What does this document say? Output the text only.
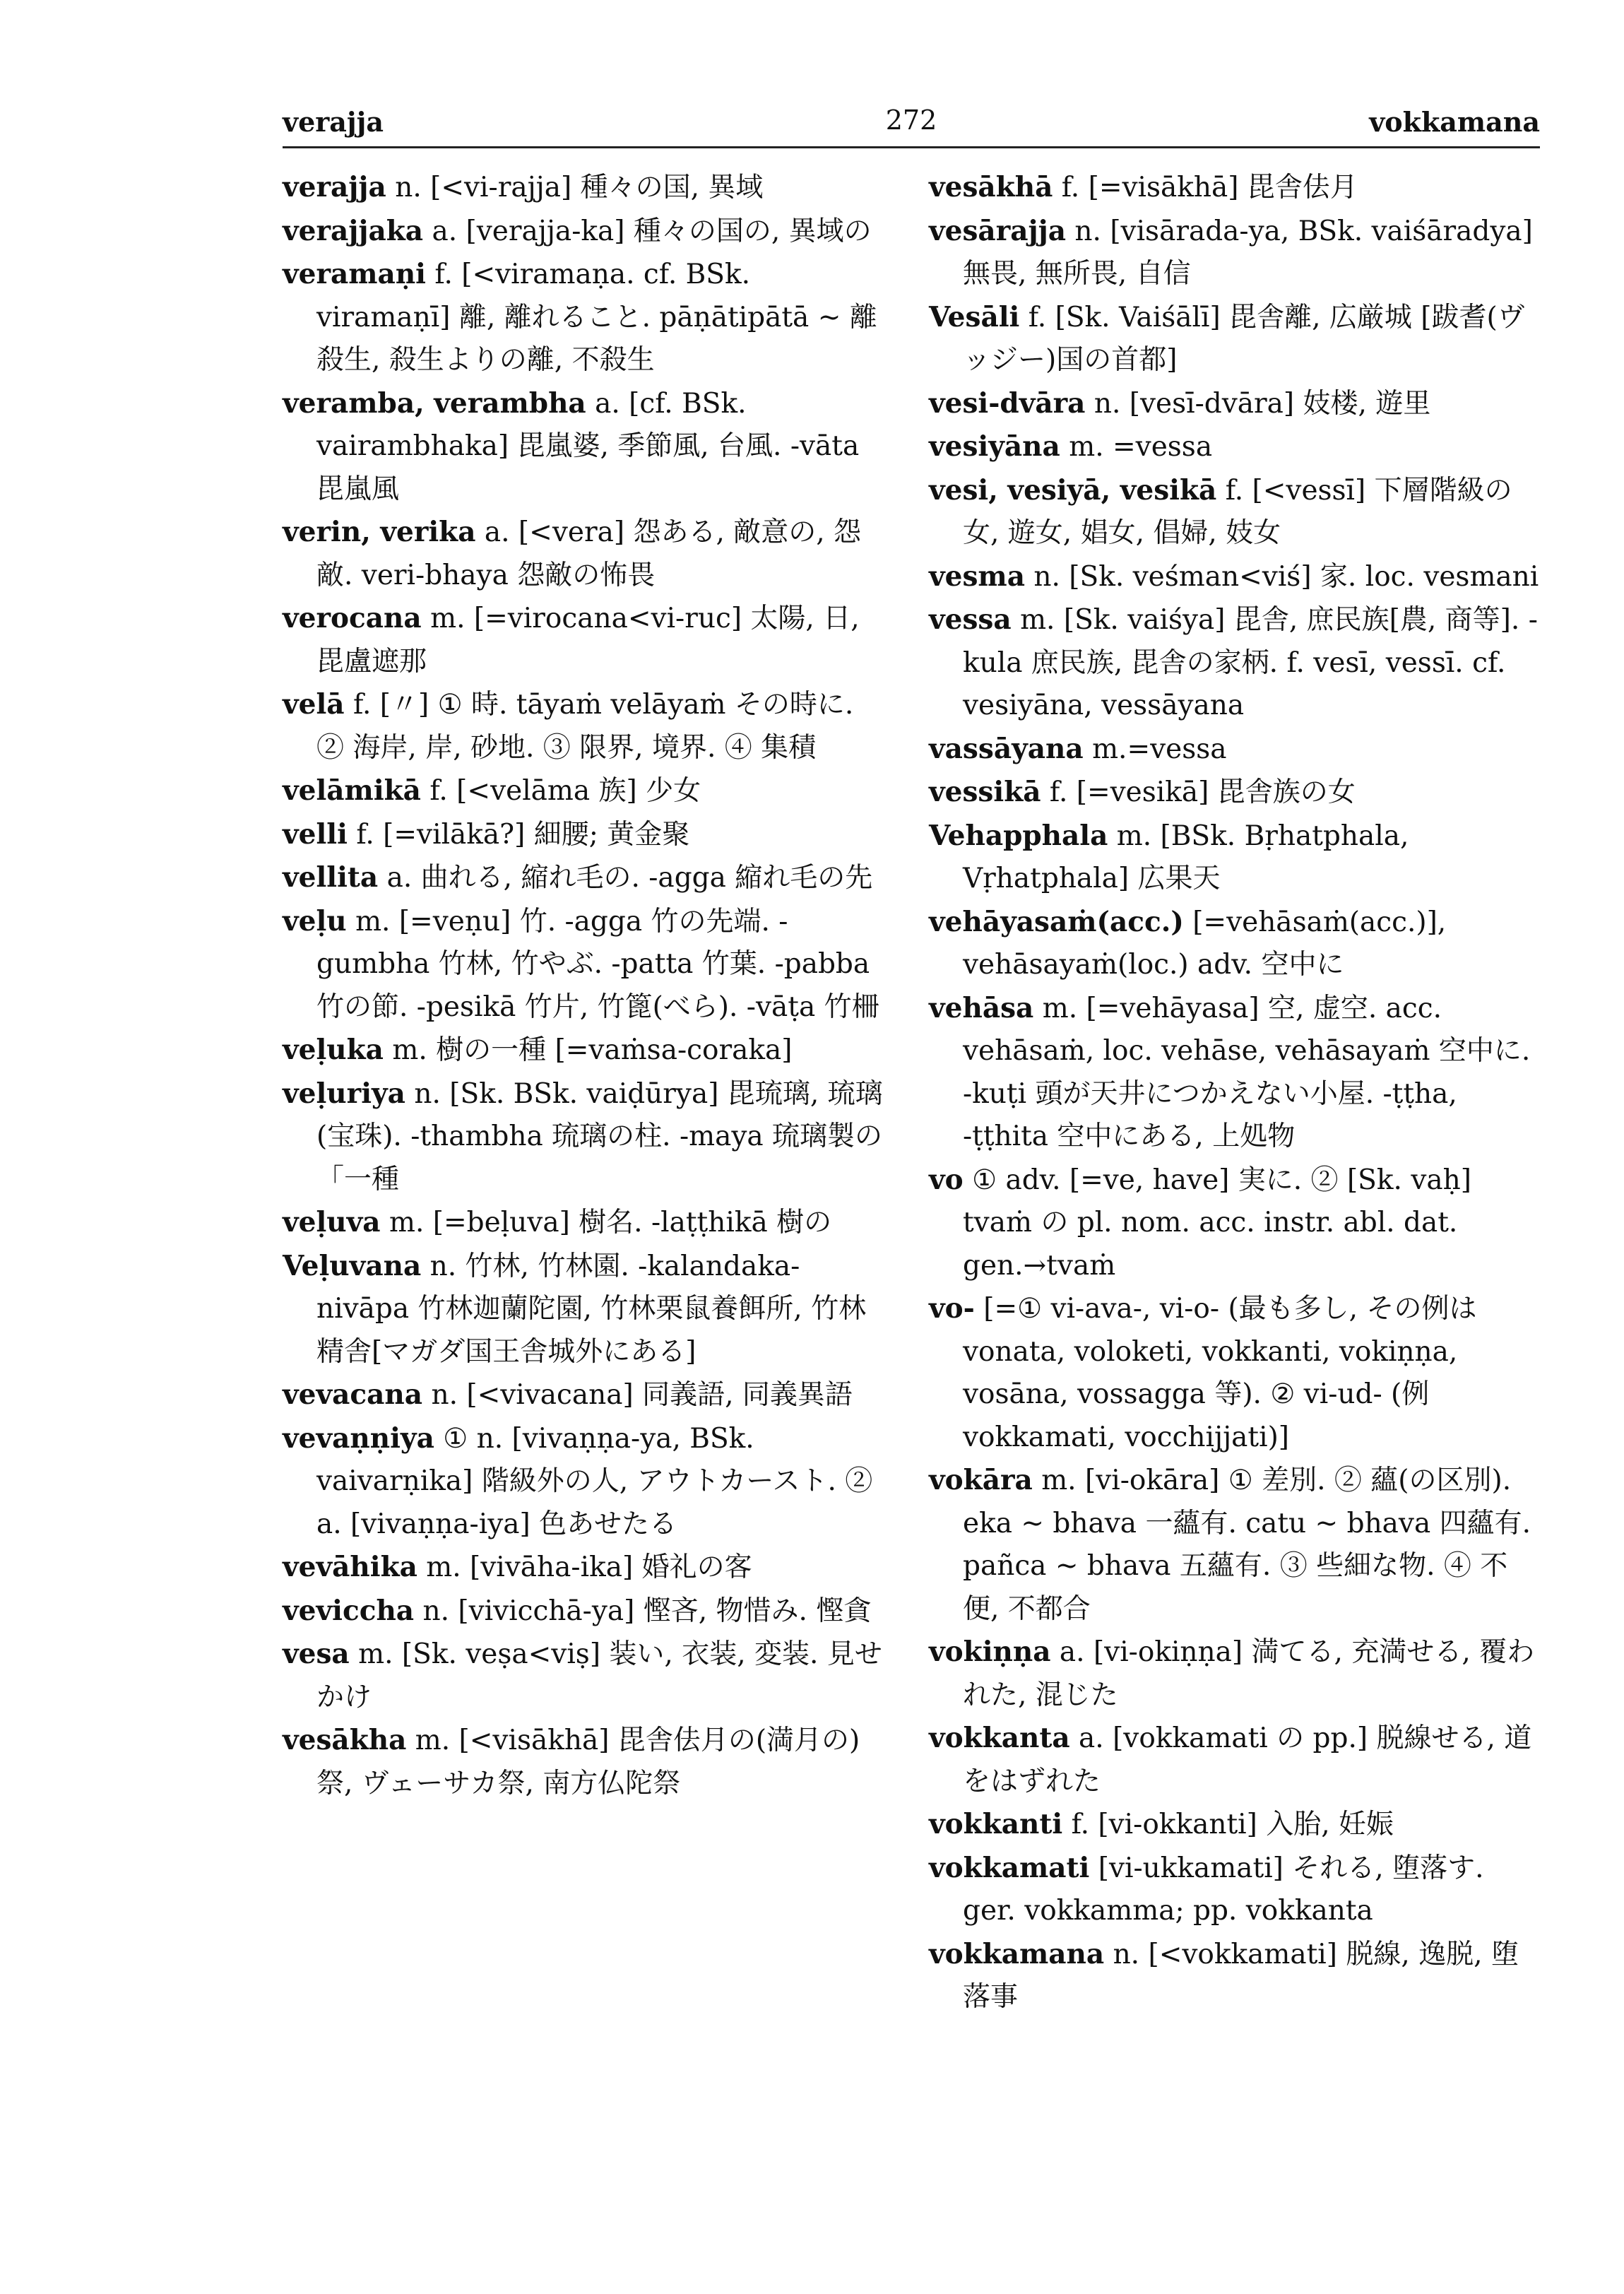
verajja	272	vokkamana
verajja n. [<vi-rajja] 種々の国, 異域
verajjaka a. [verajja-ka] 種々の国の, 異域の
veramaṇi f. [<viramaṇa. cf. BSk. viramaṇī] 離, 離れること. pāṇātipātā ~ 離殺生, 殺生よりの離, 不殺生
veramba, verambha a. [cf. BSk. vairambhaka] 毘嵐婆, 季節風, 台風. -vāta 毘嵐風
verin, verika a. [<vera] 怨ある, 敵意の, 怨敵. veri-bhaya 怨敵の怖畏
verocana m. [=virocana<vi-ruc] 太陽, 日, 毘盧遮那
velā f. [〃] ① 時. tāyaṁ velāyaṁ その時に. ② 海岸, 岸, 砂地. ③ 限界, 境界. ④ 集積
velāmikā f. [<velāma 族] 少女
velli f. [=vilākā?] 細腰; 黄金聚
vellita a. 曲れる, 縮れ毛の. -agga 縮れ毛の先
veḷu m. [=veṇu] 竹. -agga 竹の先端. -gumbha 竹林, 竹やぶ. -patta 竹葉. -pabba 竹の節. -pesikā 竹片, 竹篦(べら). -vāṭa 竹柵
veḷuka m. 樹の一種 [=vaṁsa-coraka]
veḷuriya n. [Sk. BSk. vaiḍūrya] 毘琉璃, 琉璃(宝珠). -thambha 琉璃の柱. -maya 琉璃製の 「一種
veḷuva m. [=beḷuva] 樹名. -laṭṭhikā 樹の
Veḷuvana n. 竹林, 竹林園. -kalandaka-nivāpa 竹林迦蘭陀園, 竹林栗鼠養餌所, 竹林精舎[マガダ国王舎城外にある]
vevacana n. [<vivacana] 同義語, 同義異語
vevaṇṇiya ① n. [vivaṇṇa-ya, BSk. vaivarṇika] 階級外の人, アウトカースト. ② a. [vivaṇṇa-iya] 色あせたる
vevāhika m. [vivāha-ika] 婚礼の客
veviccha n. [vivicchā-ya] 慳吝, 物惜み. 慳貪
vesa m. [Sk. veṣa<viṣ] 装い, 衣装, 変装. 見せかけ
vesākha m. [<visākhā] 毘舎佉月の(満月の)祭, ヴェーサカ祭, 南方仏陀祭
vesākhā f. [=visākhā] 毘舎佉月
vesārajja n. [visārada-ya, BSk. vaiśāradya] 無畏, 無所畏, 自信
Vesāli f. [Sk. Vaiśālī] 毘舎離, 広厳城 [跋耆(ヴッジー)国の首都]
vesi-dvāra n. [vesī-dvāra] 妓楼, 遊里
vesiyāna m. =vessa
vesi, vesiyā, vesikā f. [<vessī] 下層階級の女, 遊女, 娼女, 倡婦, 妓女
vesma n. [Sk. veśman<viś] 家. loc. vesmani
vessa m. [Sk. vaiśya] 毘舎, 庶民族[農, 商等]. -kula 庶民族, 毘舎の家柄. f. vesī, vessī. cf. vesiyāna, vessāyana
vassāyana m.=vessa
vessikā f. [=vesikā] 毘舎族の女
Vehapphala m. [BSk. Bṛhatphala, Vṛhatphala] 広果天
vehāyasaṁ(acc.) [=vehāsaṁ(acc.)], vehāsayaṁ(loc.) adv. 空中に
vehāsa m. [=vehāyasa] 空, 虚空. acc. vehāsaṁ, loc. vehāse, vehāsayaṁ 空中に. -kuṭi 頭が天井につかえない小屋. -ṭṭha, -ṭṭhita 空中にある, 上処物
vo ① adv. [=ve, have] 実に. ② [Sk. vaḥ] tvaṁ の pl. nom. acc. instr. abl. dat. gen.→tvaṁ
vo- [=① vi-ava-, vi-o- (最も多し, その例は vonata, voloketi, vokkanti, vokiṇṇa, vosāna, vossagga 等). ② vi-ud- (例 vokkamati, vocchijjati)]
vokāra m. [vi-okāra] ① 差別. ② 蘊(の区別). eka ~ bhava 一蘊有. catu ~ bhava 四蘊有. pañca ~ bhava 五蘊有. ③ 些細な物. ④ 不便, 不都合
vokiṇṇa a. [vi-okiṇṇa] 満てる, 充満せる, 覆われた, 混じた
vokkanta a. [vokkamati の pp.] 脱線せる, 道をはずれた
vokkanti f. [vi-okkanti] 入胎, 妊娠
vokkamati [vi-ukkamati] それる, 堕落す. ger. vokkamma; pp. vokkanta
vokkamana n. [<vokkamati] 脱線, 逸脱, 堕落事
